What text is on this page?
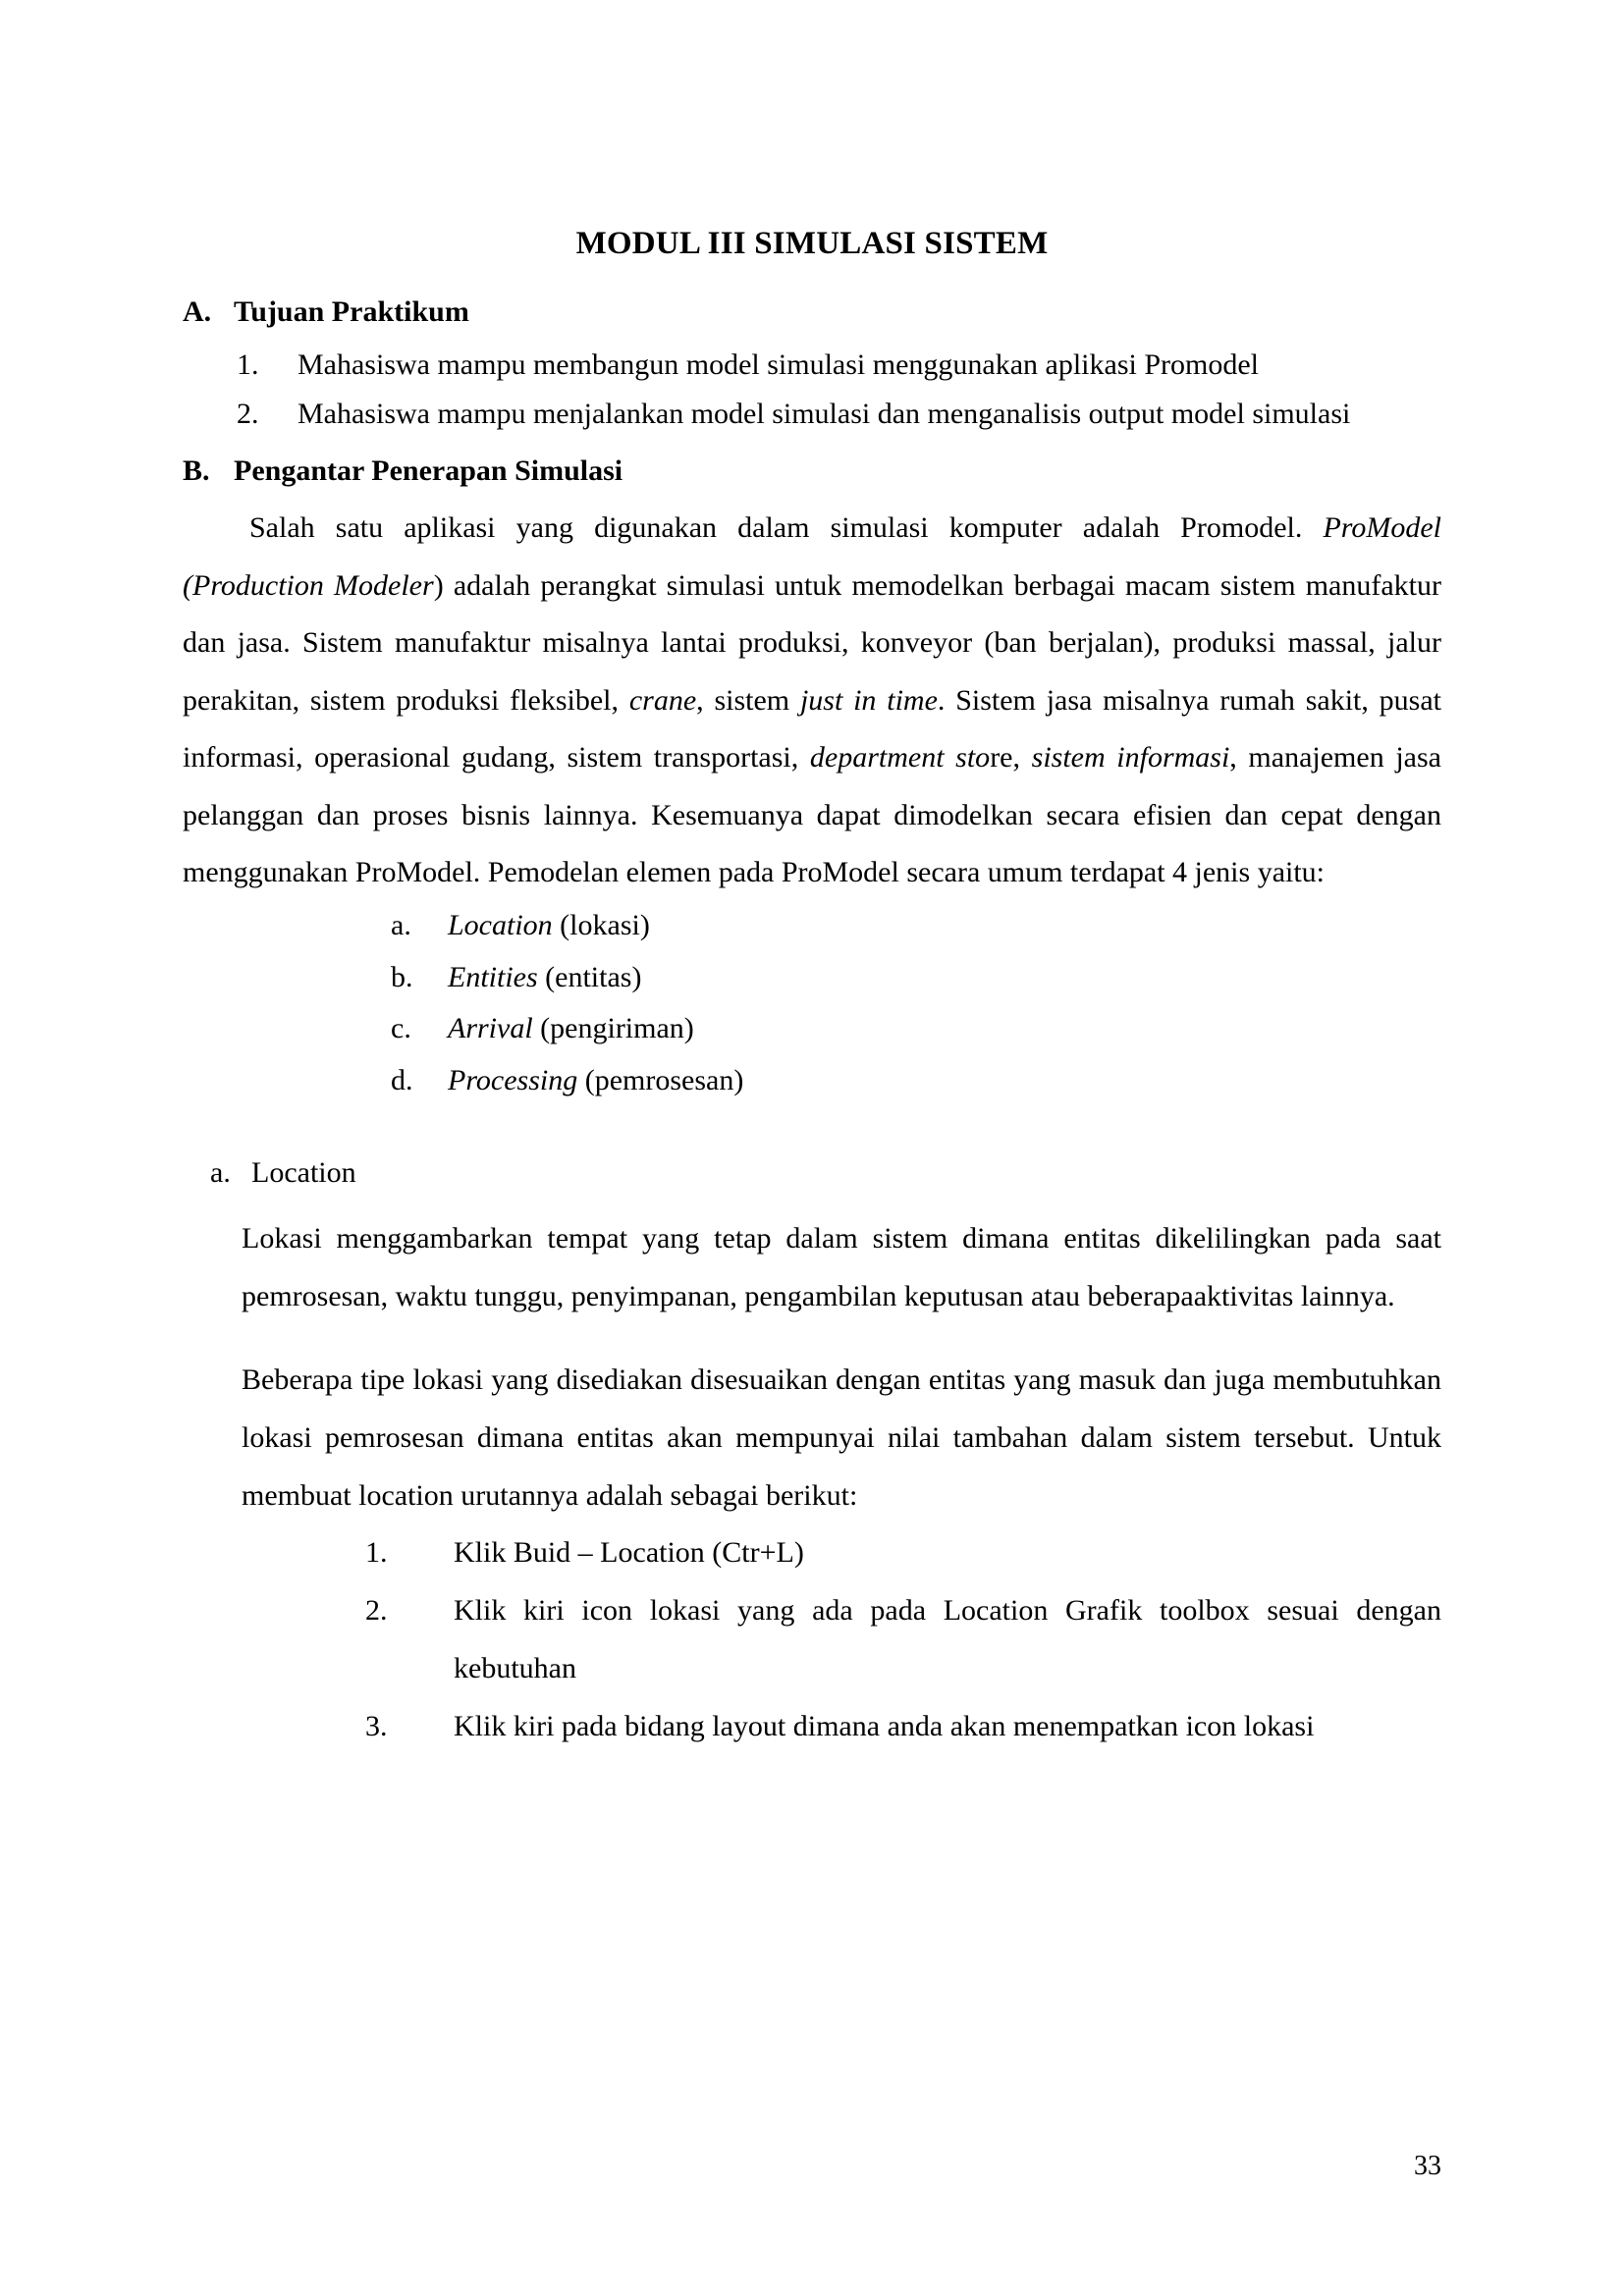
MODUL III SIMULASI SISTEM
A. Tujuan Praktikum
1.	Mahasiswa mampu membangun model simulasi menggunakan aplikasi Promodel
2.	Mahasiswa mampu menjalankan model simulasi dan menganalisis output model simulasi
B. Pengantar Penerapan Simulasi

Salah satu aplikasi yang digunakan dalam simulasi komputer adalah Promodel. ProModel (Production Modeler) adalah perangkat simulasi untuk memodelkan berbagai macam sistem manufaktur dan jasa. Sistem manufaktur misalnya lantai produksi, konveyor (ban berjalan), produksi massal, jalur perakitan, sistem produksi fleksibel, crane, sistem just in time. Sistem jasa misalnya rumah sakit, pusat informasi, operasional gudang, sistem transportasi, department store, sistem informasi, manajemen jasa pelanggan dan proses bisnis lainnya. Kesemuanya dapat dimodelkan secara efisien dan cepat dengan menggunakan ProModel. Pemodelan elemen pada ProModel secara umum terdapat 4 jenis yaitu:

a.	Location (lokasi)
b.	Entities (entitas)
c.	Arrival (pengiriman)
d.	Processing (pemrosesan)
a. Location

Lokasi menggambarkan tempat yang tetap dalam sistem dimana entitas dikelilingkan pada saat pemrosesan, waktu tunggu, penyimpanan, pengambilan keputusan atau beberapaaktivitas lainnya.

Beberapa tipe lokasi yang disediakan disesuaikan dengan entitas yang masuk dan juga membutuhkan lokasi pemrosesan dimana entitas akan mempunyai nilai tambahan dalam sistem tersebut. Untuk membuat location urutannya adalah sebagai berikut:

1.	Klik Buid – Location (Ctr+L)
2.	Klik kiri icon lokasi yang ada pada Location Grafik toolbox sesuai dengan kebutuhan
3.	Klik kiri pada bidang layout dimana anda akan menempatkan icon lokasi
33
